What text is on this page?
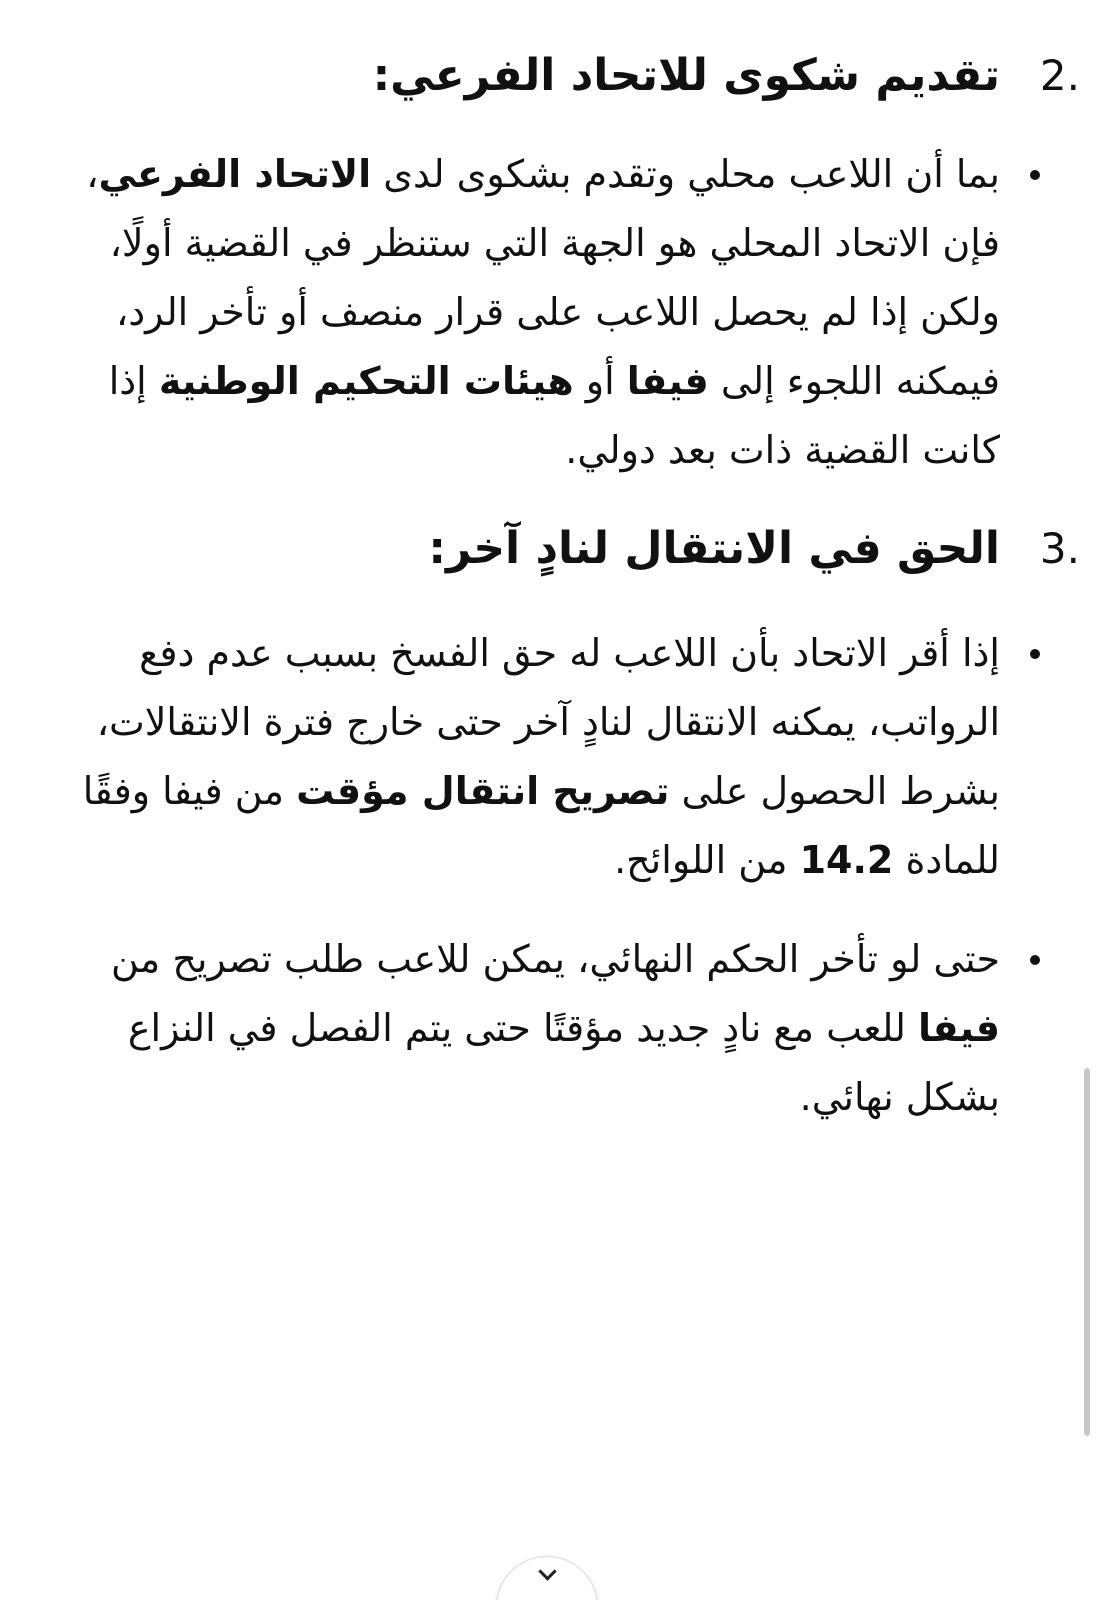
2.
تقديم شكوى للاتحاد الفرعي:
بما أن اللاعب محلي وتقدم بشكوى لدى الاتحاد الفرعي، فإن الاتحاد المحلي هو الجهة التي ستنظر في القضية أولًا، ولكن إذا لم يحصل اللاعب على قرار منصف أو تأخر الرد، فيمكنه اللجوء إلى فيفا أو هيئات التحكيم الوطنية إذا كانت القضية ذات بعد دولي.
3.
الحق في الانتقال لنادٍ آخر:
إذا أقر الاتحاد بأن اللاعب له حق الفسخ بسبب عدم دفع الرواتب، يمكنه الانتقال لنادٍ آخر حتى خارج فترة الانتقالات، بشرط الحصول على تصريح انتقال مؤقت من فيفا وفقًا للمادة 14.2 من اللوائح.
حتى لو تأخر الحكم النهائي، يمكن للاعب طلب تصريح من فيفا للعب مع نادٍ جديد مؤقتًا حتى يتم الفصل في النزاع بشكل نهائي.
